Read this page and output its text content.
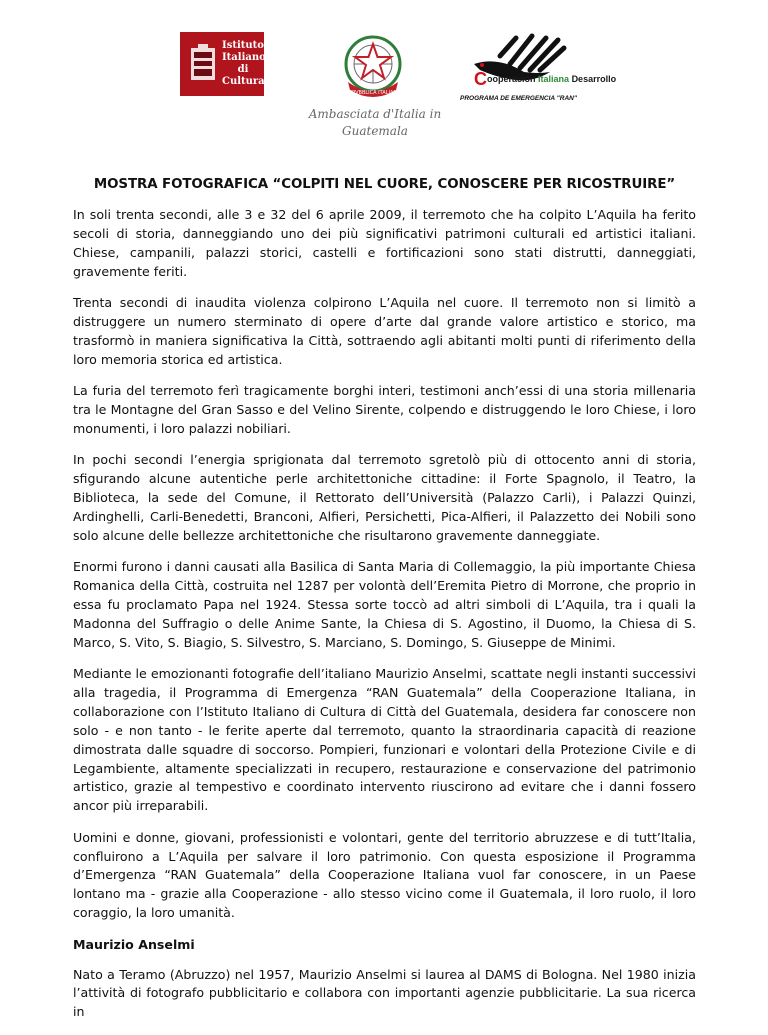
Istituto
Italiano
di
Cultura
REPVBBLICA ITALIANA
Ambasciata d'Italia in
Guatemala
Cooperación Italiana Desarrollo
PROGRAMA DE EMERGENCIA "RAN"
MOSTRA FOTOGRAFICA “COLPITI NEL CUORE, CONOSCERE PER RICOSTRUIRE”

In soli trenta secondi, alle 3 e 32 del 6 aprile 2009, il terremoto che ha colpito L’Aquila ha ferito secoli di storia, danneggiando uno dei più significativi patrimoni culturali ed artistici italiani. Chiese, campanili, palazzi storici, castelli e fortificazioni sono stati distrutti, danneggiati, gravemente feriti.

Trenta secondi di inaudita violenza colpirono L’Aquila nel cuore. Il terremoto non si limitò a distruggere un numero sterminato di opere d’arte dal grande valore artistico e storico, ma trasformò in maniera significativa la Città, sottraendo agli abitanti molti punti di riferimento della loro memoria storica ed artistica.

La furia del terremoto ferì tragicamente borghi interi, testimoni anch’essi di una storia millenaria tra le Montagne del Gran Sasso e del Velino Sirente, colpendo e distruggendo le loro Chiese, i loro monumenti, i loro palazzi nobiliari.

In pochi secondi l’energia sprigionata dal terremoto sgretolò più di ottocento anni di storia, sfigurando alcune autentiche perle architettoniche cittadine: il Forte Spagnolo, il Teatro, la Biblioteca, la sede del Comune, il Rettorato dell’Università (Palazzo Carli), i Palazzi Quinzi, Ardinghelli, Carli-Benedetti, Branconi, Alfieri, Persichetti, Pica-Alfieri, il Palazzetto dei Nobili sono solo alcune delle bellezze architettoniche che risultarono gravemente danneggiate.

Enormi furono i danni causati alla Basilica di Santa Maria di Collemaggio, la più importante Chiesa Romanica della Città, costruita nel 1287 per volontà dell’Eremita Pietro di Morrone, che proprio in essa fu proclamato Papa nel 1924. Stessa sorte toccò ad altri simboli di L’Aquila, tra i quali la Madonna del Suffragio o delle Anime Sante, la Chiesa di S. Agostino, il Duomo, la Chiesa di S. Marco, S. Vito, S. Biagio, S. Silvestro, S. Marciano, S. Domingo, S. Giuseppe de Minimi.

Mediante le emozionanti fotografie dell’italiano Maurizio Anselmi, scattate negli instanti successivi alla tragedia, il Programma di Emergenza “RAN Guatemala” della Cooperazione Italiana, in collaborazione con l’Istituto Italiano di Cultura di Città del Guatemala, desidera far conoscere non solo - e non tanto - le ferite aperte dal terremoto, quanto la straordinaria capacità di reazione dimostrata dalle squadre di soccorso. Pompieri, funzionari e volontari della Protezione Civile e di Legambiente, altamente specializzati in recupero, restaurazione e conservazione del patrimonio artistico, grazie al tempestivo e coordinato intervento riuscirono ad evitare che i danni fossero ancor più irreparabili.

Uomini e donne, giovani, professionisti e volontari, gente del territorio abruzzese e di tutt’Italia, confluirono a L’Aquila per salvare il loro patrimonio. Con questa esposizione il Programma d’Emergenza “RAN Guatemala” della Cooperazione Italiana vuol far conoscere, in un Paese lontano ma - grazie alla Cooperazione - allo stesso vicino come il Guatemala, il loro ruolo, il loro coraggio, la loro umanità.

Maurizio Anselmi

Nato a Teramo (Abruzzo) nel 1957, Maurizio Anselmi si laurea al DAMS di Bologna. Nel 1980 inizia l’attività di fotografo pubblicitario e collabora con importanti agenzie pubblicitarie. La sua ricerca in
